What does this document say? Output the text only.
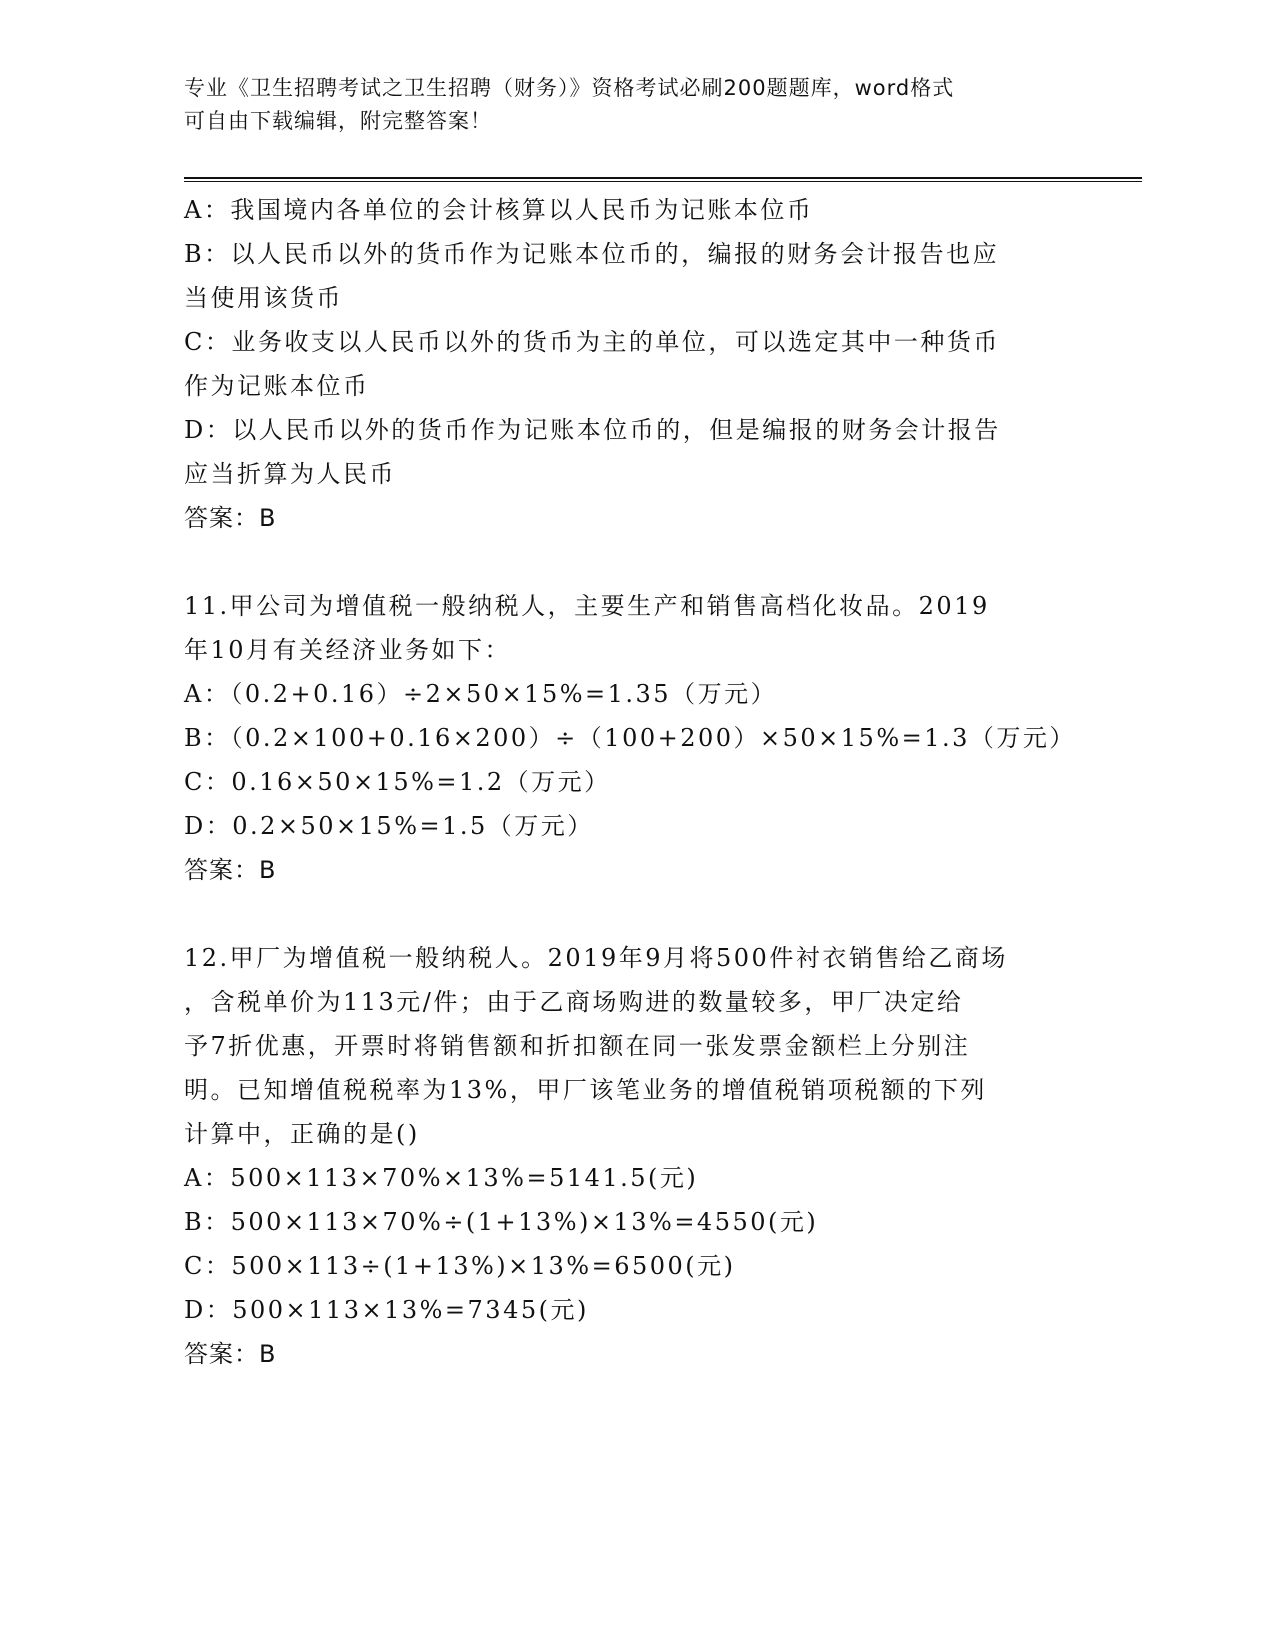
专业《卫生招聘考试之卫生招聘（财务）》资格考试必刷200题题库，word格式
可自由下载编辑，附完整答案！
A：我国境内各单位的会计核算以人民币为记账本位币
B：以人民币以外的货币作为记账本位币的，编报的财务会计报告也应
当使用该货币
C：业务收支以人民币以外的货币为主的单位，可以选定其中一种货币
作为记账本位币
D：以人民币以外的货币作为记账本位币的，但是编报的财务会计报告
应当折算为人民币
答案：B
11.甲公司为增值税一般纳税人，主要生产和销售高档化妆品。2019
年10月有关经济业务如下：
A：（0.2+0.16）÷2×50×15%=1.35（万元）
B：（0.2×100+0.16×200）÷（100+200）×50×15%=1.3（万元）
C：0.16×50×15%=1.2（万元）
D：0.2×50×15%=1.5（万元）
答案：B
12.甲厂为增值税一般纳税人。2019年9月将500件衬衣销售给乙商场
，含税单价为113元/件；由于乙商场购进的数量较多，甲厂决定给
予7折优惠，开票时将销售额和折扣额在同一张发票金额栏上分别注
明。已知增值税税率为13%，甲厂该笔业务的增值税销项税额的下列
计算中，正确的是()
A：500×113×70%×13%=5141.5(元)
B：500×113×70%÷(1+13%)×13%=4550(元)
C：500×113÷(1+13%)×13%=6500(元)
D：500×113×13%=7345(元)
答案：B
